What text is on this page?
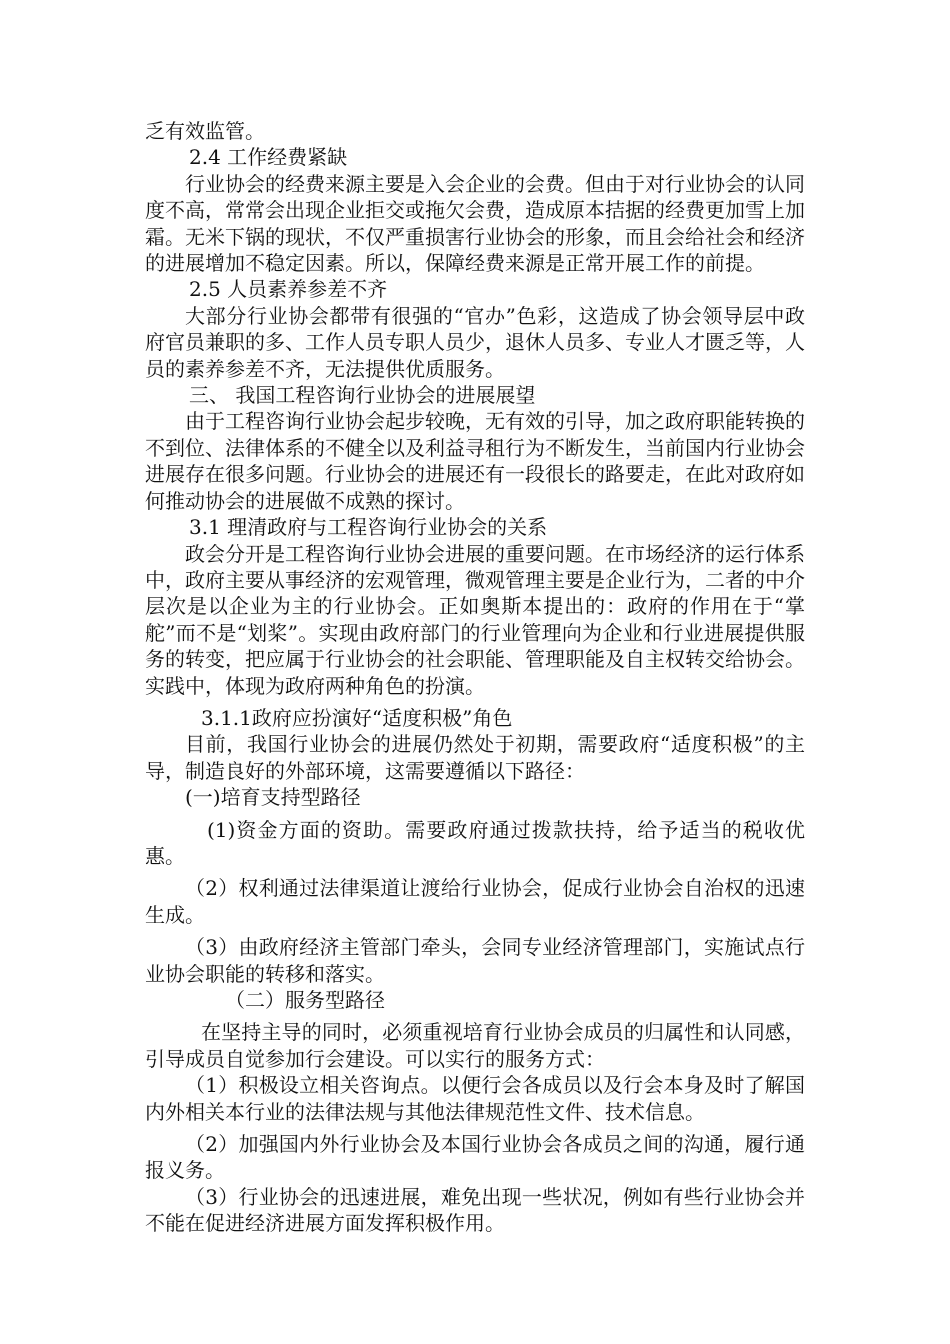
乏有效监管。

2.4 工作经费紧缺

行业协会的经费来源主要是入会企业的会费。但由于对行业协会的认同度不高，常常会出现企业拒交或拖欠会费，造成原本拮据的经费更加雪上加霜。无米下锅的现状，不仅严重损害行业协会的形象，而且会给社会和经济的进展增加不稳定因素。所以，保障经费来源是正常开展工作的前提。

2.5 人员素养参差不齐

大部分行业协会都带有很强的“官办”色彩，这造成了协会领导层中政府官员兼职的多、工作人员专职人员少，退休人员多、专业人才匮乏等，人员的素养参差不齐，无法提供优质服务。

三、 我国工程咨询行业协会的进展展望

由于工程咨询行业协会起步较晚，无有效的引导，加之政府职能转换的不到位、法律体系的不健全以及利益寻租行为不断发生，当前国内行业协会进展存在很多问题。行业协会的进展还有一段很长的路要走，在此对政府如何推动协会的进展做不成熟的探讨。

3.1 理清政府与工程咨询行业协会的关系

政会分开是工程咨询行业协会进展的重要问题。在市场经济的运行体系中，政府主要从事经济的宏观管理，微观管理主要是企业行为，二者的中介层次是以企业为主的行业协会。正如奥斯本提出的：政府的作用在于“掌舵”而不是“划桨”。实现由政府部门的行业管理向为企业和行业进展提供服务的转变，把应属于行业协会的社会职能、管理职能及自主权转交给协会。实践中，体现为政府两种角色的扮演。

3.1.1政府应扮演好“适度积极”角色

目前，我国行业协会的进展仍然处于初期，需要政府“适度积极”的主导，制造良好的外部环境，这需要遵循以下路径：

(一)培育支持型路径

(1)资金方面的资助。需要政府通过拨款扶持，给予适当的税收优惠。

（2）权利通过法律渠道让渡给行业协会，促成行业协会自治权的迅速生成。

（3）由政府经济主管部门牵头，会同专业经济管理部门，实施试点行业协会职能的转移和落实。

（二）服务型路径

在坚持主导的同时，必须重视培育行业协会成员的归属性和认同感，引导成员自觉参加行会建设。可以实行的服务方式：

（1）积极设立相关咨询点。以便行会各成员以及行会本身及时了解国内外相关本行业的法律法规与其他法律规范性文件、技术信息。

（2）加强国内外行业协会及本国行业协会各成员之间的沟通，履行通报义务。

（3）行业协会的迅速进展，难免出现一些状况，例如有些行业协会并不能在促进经济进展方面发挥积极作用。
